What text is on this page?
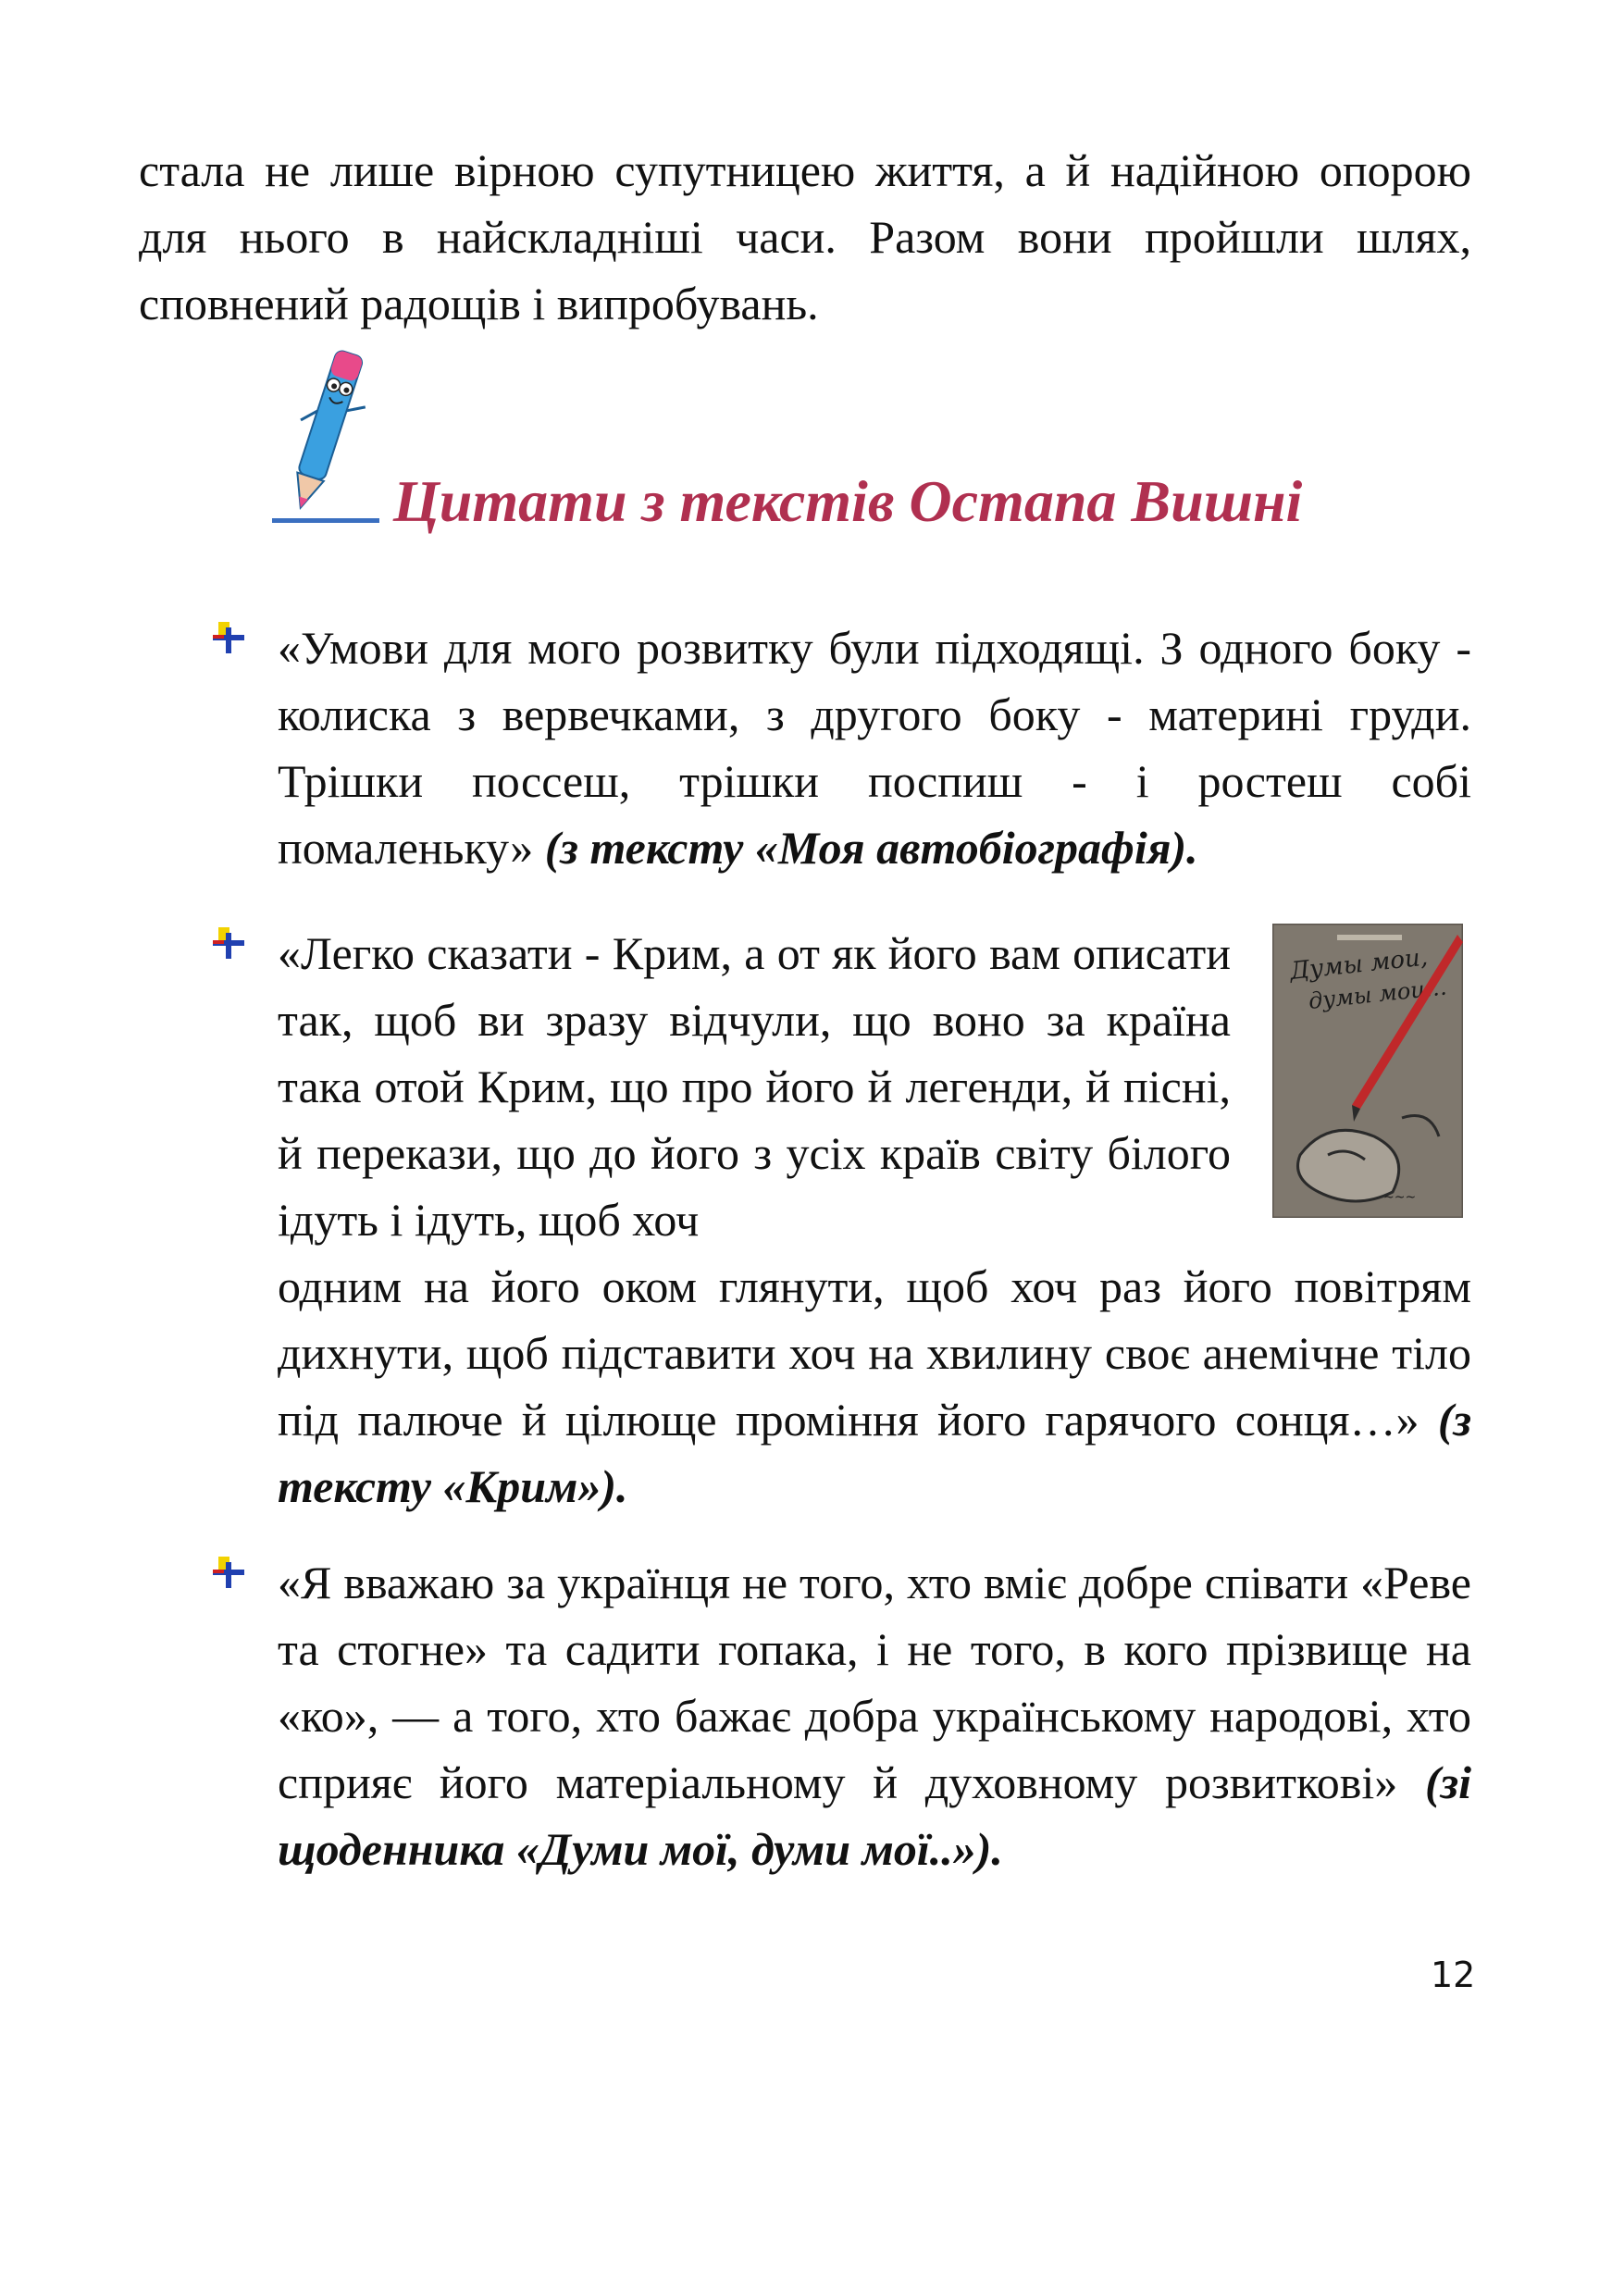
стала не лише вірною супутницею життя, а й надійною опорою для нього в найскладніші часи. Разом вони пройшли шлях, сповнений радощів і випробувань.

Цитати з текстів Остапа Вишні

«Умови для мого розвитку були підходящі. З одного боку - колиска з вервечками, з другого боку - материні груди. Трішки поссеш, трішки поспиш - і ростеш собі помаленьку» (з тексту «Моя автобіографія).

«Легко сказати - Крим, а от як його вам описати так, щоб ви зразу відчули, що воно за країна така отой Крим, що про його й легенди, й пісні, й перекази, що до його з усіх країв світу білого ідуть і ідуть, щоб хоч

Думы мои,
думы мои…
~~~

одним на його оком глянути, щоб хоч раз його повітрям дихнути, щоб підставити хоч на хвилину своє анемічне тіло під палюче й цілюще проміння його гарячого сонця…» (з тексту «Крим»).

«Я вважаю за українця не того, хто вміє добре співати «Реве та стогне» та садити гопака, і не того, в кого прізвище на «ко», — а того, хто бажає добра українському народові, хто сприяє його матеріальному й духовному розвиткові» (зі щоденника «Думи мої, думи мої..»).

12
